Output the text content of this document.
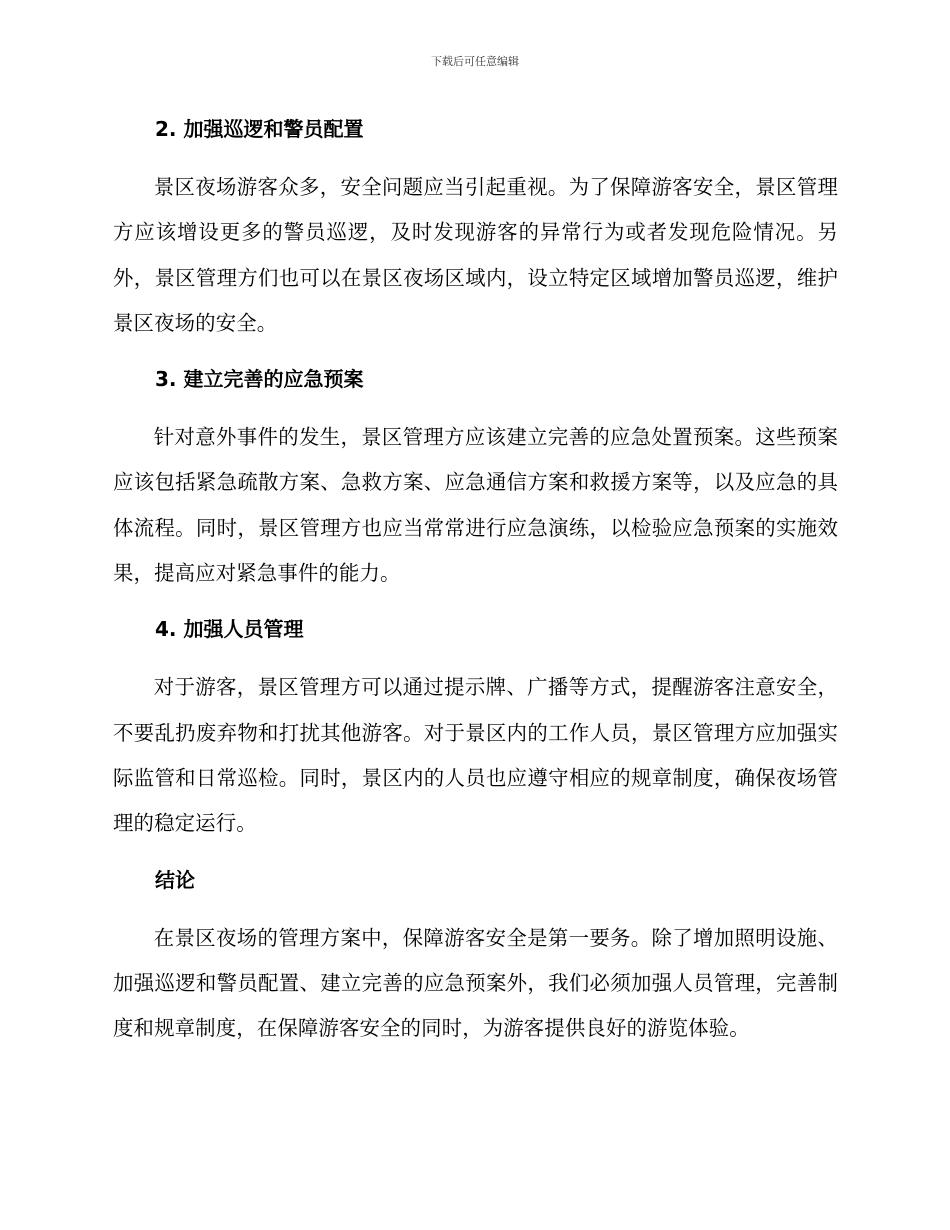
下载后可任意编辑
2. 加强巡逻和警员配置

景区夜场游客众多，安全问题应当引起重视。为了保障游客安全，景区管理方应该增设更多的警员巡逻，及时发现游客的异常行为或者发现危险情况。另外，景区管理方们也可以在景区夜场区域内，设立特定区域增加警员巡逻，维护景区夜场的安全。

3. 建立完善的应急预案

针对意外事件的发生，景区管理方应该建立完善的应急处置预案。这些预案应该包括紧急疏散方案、急救方案、应急通信方案和救援方案等，以及应急的具体流程。同时，景区管理方也应当常常进行应急演练，以检验应急预案的实施效果，提高应对紧急事件的能力。

4. 加强人员管理

对于游客，景区管理方可以通过提示牌、广播等方式，提醒游客注意安全，不要乱扔废弃物和打扰其他游客。对于景区内的工作人员，景区管理方应加强实际监管和日常巡检。同时，景区内的人员也应遵守相应的规章制度，确保夜场管理的稳定运行。

结论

在景区夜场的管理方案中，保障游客安全是第一要务。除了增加照明设施、加强巡逻和警员配置、建立完善的应急预案外，我们必须加强人员管理，完善制度和规章制度，在保障游客安全的同时，为游客提供良好的游览体验。
